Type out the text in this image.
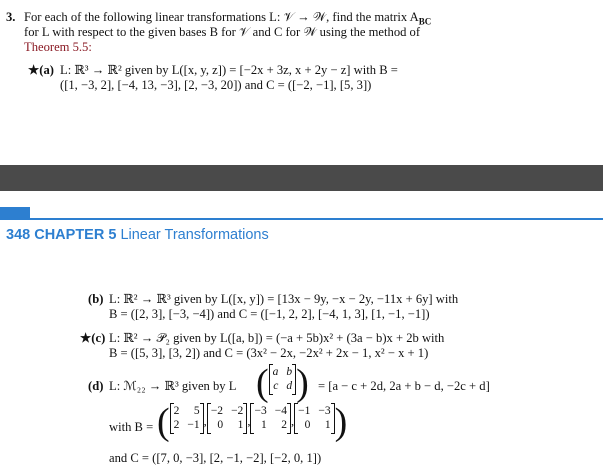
3. For each of the following linear transformations L: 𝒱 → 𝒲, find the matrix $A_{BC}$
for L with respect to the given bases B for 𝒱 and C for 𝒲 using the method of
Theorem 5.5:
★(a) L: ℝ³ → ℝ² given by L([x, y, z]) = [−2x + 3z, x + 2y − z] with B =
([1, −3, 2], [−4, 13, −3], [2, −3, 20]) and C = ([−2, −1], [5, 3])
348 CHAPTER 5 Linear Transformations
(b) L: ℝ² → ℝ³ given by L([x, y]) = [13x − 9y, −x − 2y, −11x + 6y] with
B = ([2, 3], [−3, −4]) and C = ([−1, 2, 2], [−4, 1, 3], [1, −1, −1])
★(c) L: ℝ² → 𝒫₂ given by L([a, b]) = (−a + 5b)x² + (3a − b)x + 2b with
B = ([5, 3], [3, 2]) and C = (3x² − 2x, −2x² + 2x − 1, x² − x + 1)
(d) L: ℳ₂₂ → ℝ³ given by L ( a b
c d ) = [a − c + 2d, 2a + b − d, −2c + d]
with B = ( 2	5
2 −1 ,
−2 −2
0	1 ,
−3 −4
1	2 ,
−1 −3
0	1 )
and C = ([7, 0, −3], [2, −1, −2], [−2, 0, 1])
